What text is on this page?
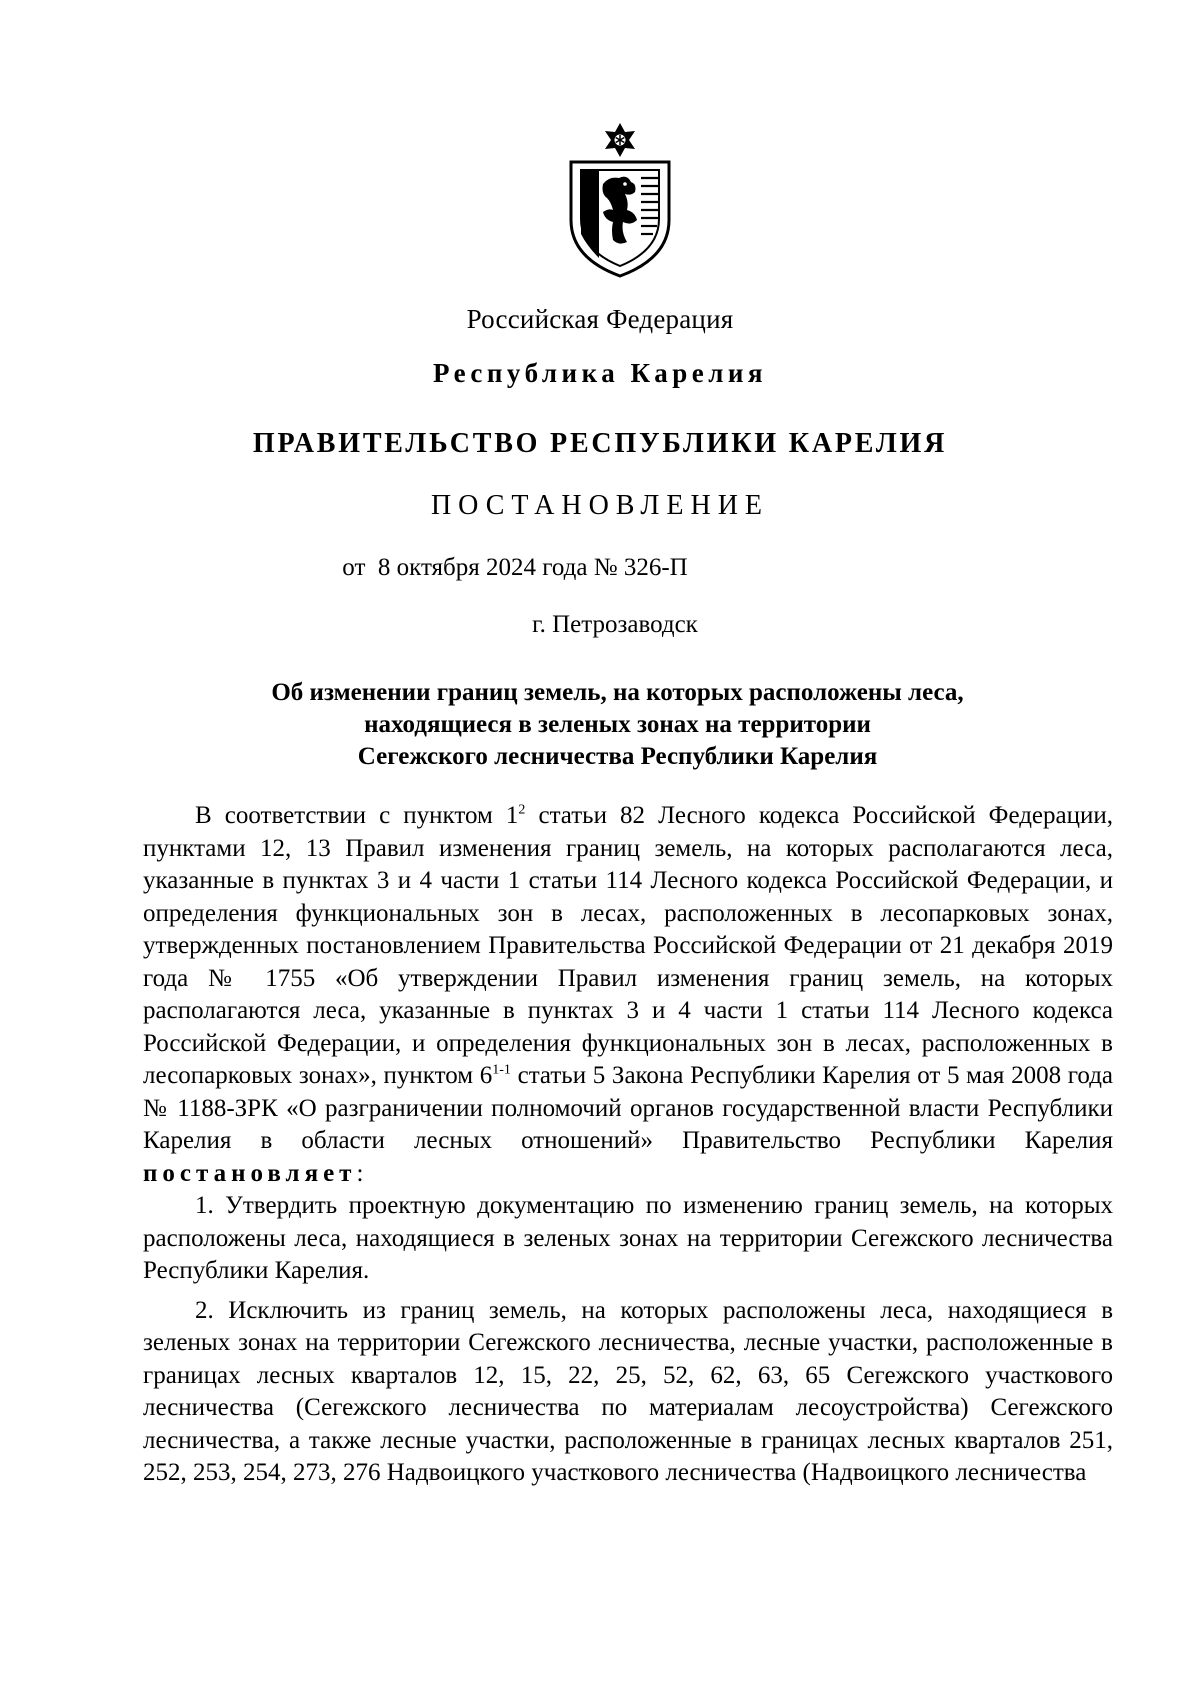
Российская Федерация
Республика Карелия
ПРАВИТЕЛЬСТВО РЕСПУБЛИКИ КАРЕЛИЯ
ПОСТАНОВЛЕНИЕ
от  8 октября 2024 года № 326-П
г. Петрозаводск
Об изменении границ земель, на которых расположены леса,
находящиеся в зеленых зонах на территории
Сегежского лесничества Республики Карелия

В соответствии с пунктом $1^2$ статьи 82 Лесного кодекса Российской Федерации, пунктами 12, 13 Правил изменения границ земель, на которых располагаются леса, указанные в пунктах 3 и 4 части 1 статьи 114 Лесного кодекса Российской Федерации, и определения функциональных зон в лесах, расположенных в лесопарковых зонах, утвержденных постановлением Правительства Российской Федерации от 21 декабря 2019 года № 1755 «Об утверждении Правил изменения границ земель, на которых располагаются леса, указанные в пунктах 3 и 4 части 1 статьи 114 Лесного кодекса Российской Федерации, и определения функциональных зон в лесах, расположенных в лесопарковых зонах», пунктом 6$^{1-1}$ статьи 5 Закона Республики Карелия от 5 мая 2008 года № 1188-ЗРК «О разграничении полномочий органов государственной власти Республики Карелия в области лесных отношений» Правительство Республики Карелия постановляет:

1. Утвердить проектную документацию по изменению границ земель, на которых расположены леса, находящиеся в зеленых зонах на территории Сегежского лесничества Республики Карелия.

2. Исключить из границ земель, на которых расположены леса, находящиеся в зеленых зонах на территории Сегежского лесничества, лесные участки, расположенные в границах лесных кварталов 12, 15, 22, 25, 52, 62, 63, 65 Сегежского участкового лесничества (Сегежского лесничества по материалам лесоустройства) Сегежского лесничества, а также лесные участки, расположенные в границах лесных кварталов 251, 252, 253, 254, 273, 276 Надвоицкого участкового лесничества (Надвоицкого лесничества
